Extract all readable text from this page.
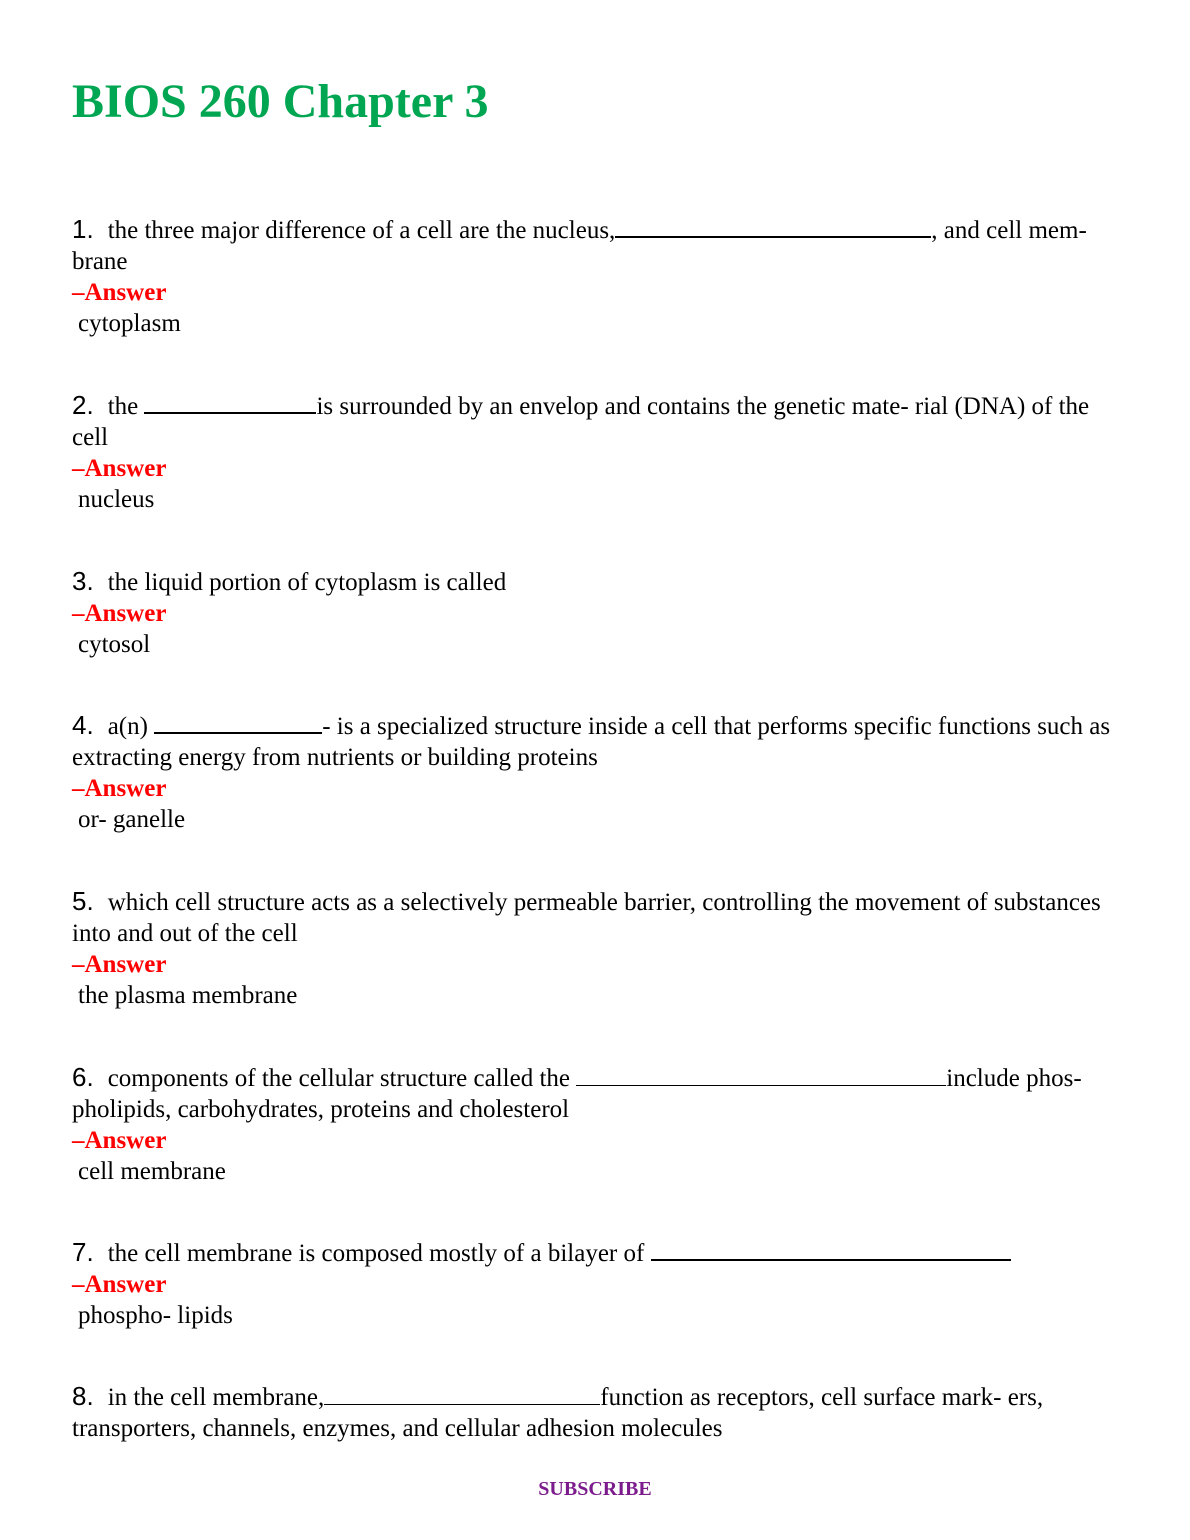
BIOS 260 Chapter 3

1. the three major difference of a cell are the nucleus,	, and cell mem- brane

–Answer

cytoplasm

2. the	is surrounded by an envelop and contains the genetic mate- rial (DNA) of the cell

–Answer

nucleus

3. the liquid portion of cytoplasm is called

–Answer

cytosol

4. a(n)	- is a specialized structure inside a cell that performs specific functions such as extracting energy from nutrients or building proteins

–Answer

or- ganelle

5. which cell structure acts as a selectively permeable barrier, controlling the movement of substances into and out of the cell

–Answer

the plasma membrane

6. components of the cellular structure called the	include phos- pholipids, carbohydrates, proteins and cholesterol

–Answer

cell membrane

7. the cell membrane is composed mostly of a bilayer of

–Answer

phospho- lipids

8. in the cell membrane,	function as receptors, cell surface mark- ers, transporters, channels, enzymes, and cellular adhesion molecules

SUBSCRIBE
